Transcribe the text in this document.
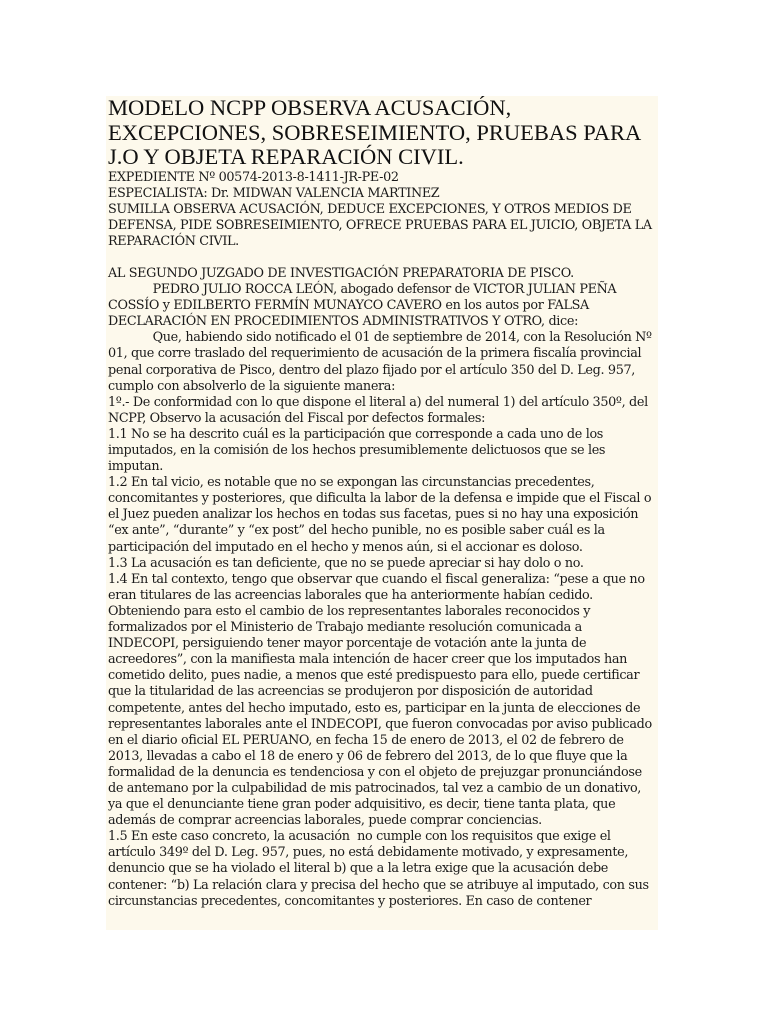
MODELO NCPP OBSERVA ACUSACIÓN, EXCEPCIONES, SOBRESEIMIENTO, PRUEBAS PARA J.O Y OBJETA REPARACIÓN CIVIL.

EXPEDIENTE Nº 00574-2013-8-1411-JR-PE-02

ESPECIALISTA: Dr. MIDWAN VALENCIA MARTINEZ

SUMILLA OBSERVA ACUSACIÓN, DEDUCE EXCEPCIONES, Y OTROS MEDIOS DE DEFENSA, PIDE SOBRESEIMIENTO, OFRECE PRUEBAS PARA EL JUICIO, OBJETA LA REPARACIÓN CIVIL.

AL SEGUNDO JUZGADO DE INVESTIGACIÓN PREPARATORIA DE PISCO.

PEDRO JULIO ROCCA LEÓN, abogado defensor de VICTOR JULIAN PEÑA COSSÍO y EDILBERTO FERMÍN MUNAYCO CAVERO en los autos por FALSA DECLARACIÓN EN PROCEDIMIENTOS ADMINISTRATIVOS Y OTRO, dice:

Que, habiendo sido notificado el 01 de septiembre de 2014, con la Resolución Nº 01, que corre traslado del requerimiento de acusación de la primera fiscalía provincial penal corporativa de Pisco, dentro del plazo fijado por el artículo 350 del D. Leg. 957, cumplo con absolverlo de la siguiente manera:

1º.- De conformidad con lo que dispone el literal a) del numeral 1) del artículo 350º, del NCPP, Observo la acusación del Fiscal por defectos formales:

1.1 No se ha descrito cuál es la participación que corresponde a cada uno de los imputados, en la comisión de los hechos presumiblemente delictuosos que se les imputan.

1.2 En tal vicio, es notable que no se expongan las circunstancias precedentes, concomitantes y posteriores, que dificulta la labor de la defensa e impide que el Fiscal o el Juez pueden analizar los hechos en todas sus facetas, pues si no hay una exposición “ex ante”, “durante” y “ex post” del hecho punible, no es posible saber cuál es la participación del imputado en el hecho y menos aún, si el accionar es doloso.

1.3 La acusación es tan deficiente, que no se puede apreciar si hay dolo o no.

1.4 En tal contexto, tengo que observar que cuando el fiscal generaliza: “pese a que no eran titulares de las acreencias laborales que ha anteriormente habían cedido. Obteniendo para esto el cambio de los representantes laborales reconocidos y formalizados por el Ministerio de Trabajo mediante resolución comunicada a INDECOPI, persiguiendo tener mayor porcentaje de votación ante la junta de acreedores”, con la manifiesta mala intención de hacer creer que los imputados han cometido delito, pues nadie, a menos que esté predispuesto para ello, puede certificar que la titularidad de las acreencias se produjeron por disposición de autoridad competente, antes del hecho imputado, esto es, participar en la junta de elecciones de representantes laborales ante el INDECOPI, que fueron convocadas por aviso publicado en el diario oficial EL PERUANO, en fecha 15 de enero de 2013, el 02 de febrero de 2013, llevadas a cabo el 18 de enero y 06 de febrero del 2013, de lo que fluye que la formalidad de la denuncia es tendenciosa y con el objeto de prejuzgar pronunciándose de antemano por la culpabilidad de mis patrocinados, tal vez a cambio de un donativo, ya que el denunciante tiene gran poder adquisitivo, es decir, tiene tanta plata, que además de comprar acreencias laborales, puede comprar conciencias.

1.5 En este caso concreto, la acusación  no cumple con los requisitos que exige el artículo 349º del D. Leg. 957, pues, no está debidamente motivado, y expresamente, denuncio que se ha violado el literal b) que a la letra exige que la acusación debe contener: “b) La relación clara y precisa del hecho que se atribuye al imputado, con sus circunstancias precedentes, concomitantes y posteriores. En caso de contener
